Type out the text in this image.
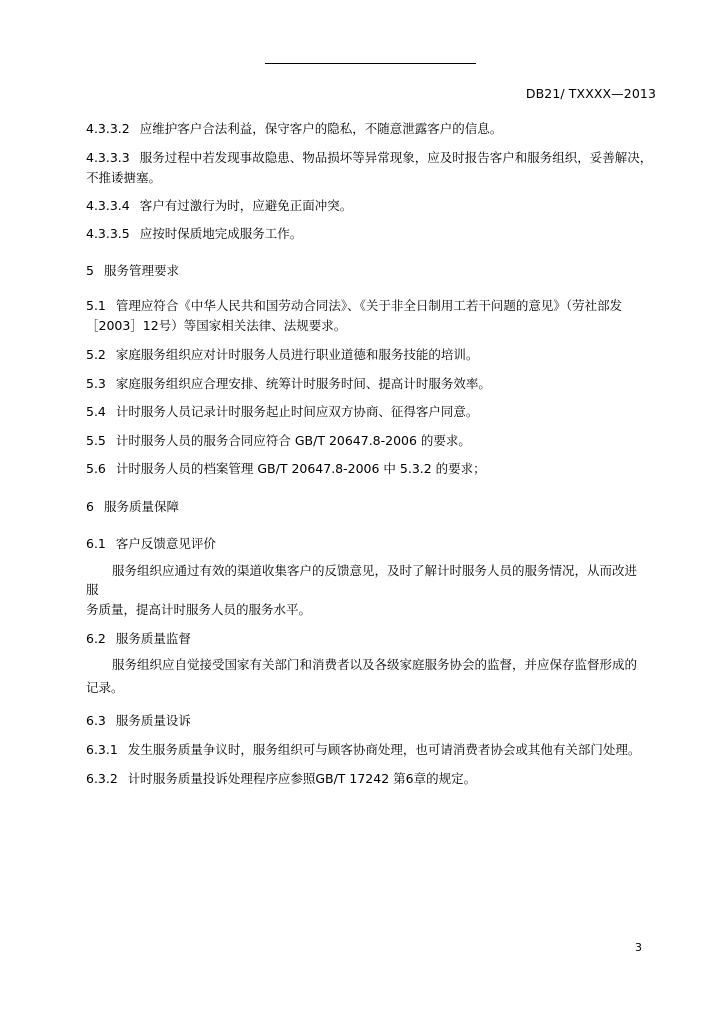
DB21/ TXXXX—2013
4.3.3.2 应维护客户合法利益，保守客户的隐私，不随意泄露客户的信息。
4.3.3.3 服务过程中若发现事故隐患、物品损坏等异常现象，应及时报告客户和服务组织，妥善解决，
不推诿搪塞。
4.3.3.4 客户有过激行为时，应避免正面冲突。
4.3.3.5 应按时保质地完成服务工作。
5 服务管理要求
5.1 管理应符合《中华人民共和国劳动合同法》、《关于非全日制用工若干问题的意见》（劳社部发
［2003］12号）等国家相关法律、法规要求。
5.2 家庭服务组织应对计时服务人员进行职业道德和服务技能的培训。
5.3 家庭服务组织应合理安排、统筹计时服务时间、提高计时服务效率。
5.4 计时服务人员记录计时服务起止时间应双方协商、征得客户同意。
5.5 计时服务人员的服务合同应符合 GB/T 20647.8-2006 的要求。
5.6 计时服务人员的档案管理 GB/T 20647.8-2006 中 5.3.2 的要求；
6 服务质量保障
6.1 客户反馈意见评价
服务组织应通过有效的渠道收集客户的反馈意见，及时了解计时服务人员的服务情况，从而改进
服
务质量，提高计时服务人员的服务水平。
6.2 服务质量监督
服务组织应自觉接受国家有关部门和消费者以及各级家庭服务协会的监督，并应保存监督形成的
记录。
6.3 服务质量设诉
6.3.1 发生服务质量争议时，服务组织可与顾客协商处理，也可请消费者协会或其他有关部门处理。
6.3.2 计时服务质量投诉处理程序应参照GB/T 17242 第6章的规定。
3
